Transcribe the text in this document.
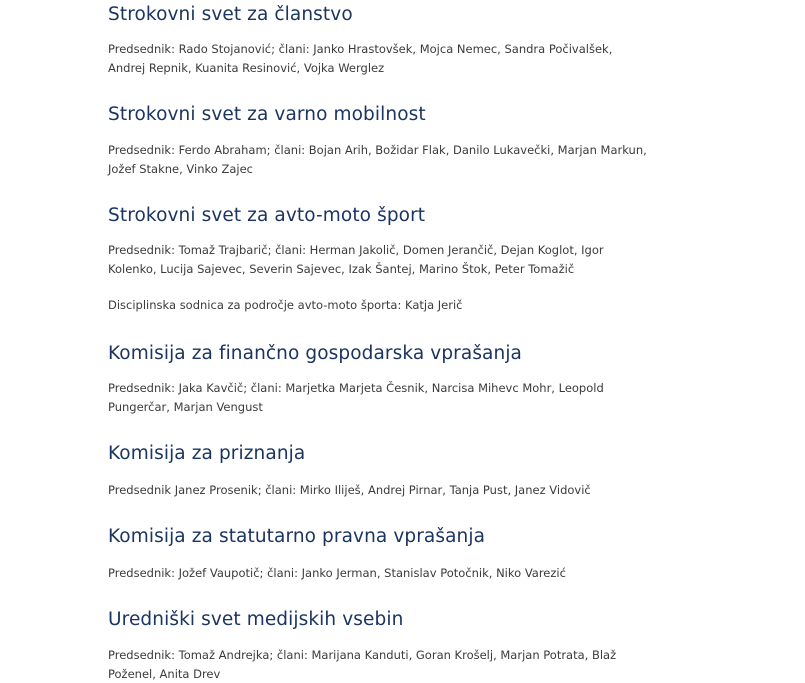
Strokovni svet za članstvo

Predsednik: Rado Stojanović; člani: Janko Hrastovšek, Mojca Nemec, Sandra Počivalšek, Andrej Repnik, Kuanita Resinović, Vojka Werglez

Strokovni svet za varno mobilnost

Predsednik: Ferdo Abraham; člani: Bojan Arih, Božidar Flak, Danilo Lukavečki, Marjan Markun, Jožef Stakne, Vinko Zajec

Strokovni svet za avto-moto šport

Predsednik: Tomaž Trajbarič; člani: Herman Jakolič, Domen Jerančič, Dejan Koglot, Igor Kolenko, Lucija Sajevec, Severin Sajevec, Izak Šantej, Marino Štok, Peter Tomažič

Disciplinska sodnica za področje avto-moto športa: Katja Jerič

Komisija za finančno gospodarska vprašanja

Predsednik: Jaka Kavčič; člani: Marjetka Marjeta Česnik, Narcisa Mihevc Mohr, Leopold Pungerčar, Marjan Vengust

Komisija za priznanja

Predsednik Janez Prosenik; člani: Mirko Iliješ, Andrej Pirnar, Tanja Pust, Janez Vidovič

Komisija za statutarno pravna vprašanja

Predsednik: Jožef Vaupotič; člani: Janko Jerman, Stanislav Potočnik, Niko Varezić

Uredniški svet medijskih vsebin

Predsednik: Tomaž Andrejka; člani: Marijana Kanduti, Goran Krošelj, Marjan Potrata, Blaž Poženel, Anita Drev
